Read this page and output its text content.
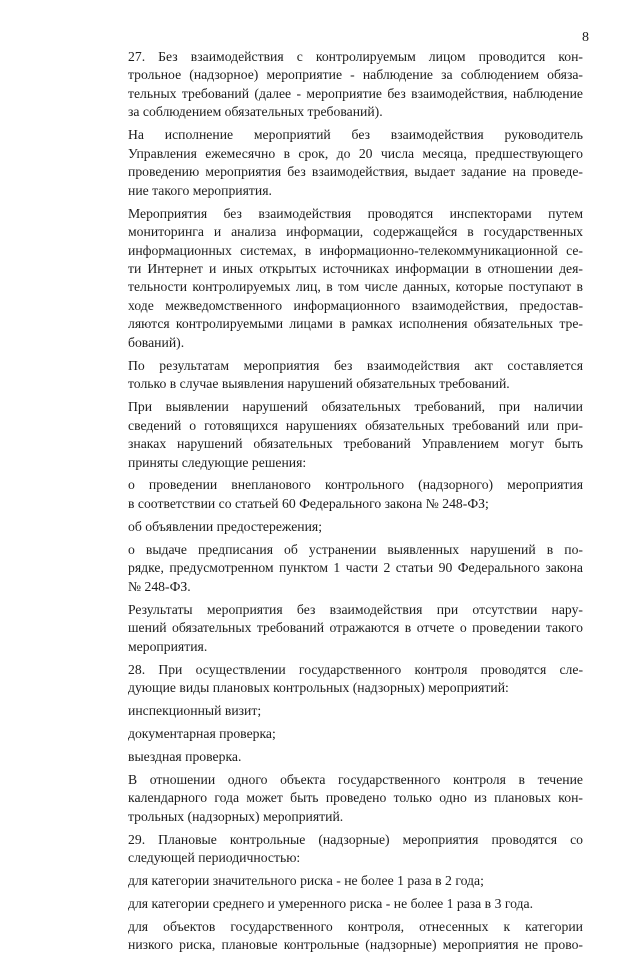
8
27. Без взаимодействия с контролируемым лицом проводится кон-
трольное (надзорное) мероприятие - наблюдение за соблюдением обяза-
тельных требований (далее - мероприятие без взаимодействия, наблюдение
за соблюдением обязательных требований).
На исполнение мероприятий без взаимодействия руководитель
Управления ежемесячно в срок, до 20 числа месяца, предшествующего
проведению мероприятия без взаимодействия, выдает задание на проведе-
ние такого мероприятия.
Мероприятия без взаимодействия проводятся инспекторами путем
мониторинга и анализа информации, содержащейся в государственных
информационных системах, в информационно-телекоммуникационной се-
ти Интернет и иных открытых источниках информации в отношении дея-
тельности контролируемых лиц, в том числе данных, которые поступают в
ходе межведомственного информационного взаимодействия, предостав-
ляются контролируемыми лицами в рамках исполнения обязательных тре-
бований).
По результатам мероприятия без взаимодействия акт составляется
только в случае выявления нарушений обязательных требований.
При выявлении нарушений обязательных требований, при наличии
сведений о готовящихся нарушениях обязательных требований или при-
знаках нарушений обязательных требований Управлением могут быть
приняты следующие решения:
о проведении внепланового контрольного (надзорного) мероприятия
в соответствии со статьей 60 Федерального закона № 248-ФЗ;
об объявлении предостережения;
о выдаче предписания об устранении выявленных нарушений в по-
рядке, предусмотренном пунктом 1 части 2 статьи 90 Федерального закона
№ 248-ФЗ.
Результаты мероприятия без взаимодействия при отсутствии нару-
шений обязательных требований отражаются в отчете о проведении такого
мероприятия.
28. При осуществлении государственного контроля проводятся сле-
дующие виды плановых контрольных (надзорных) мероприятий:
инспекционный визит;
документарная проверка;
выездная проверка.
В отношении одного объекта государственного контроля в течение
календарного года может быть проведено только одно из плановых кон-
трольных (надзорных) мероприятий.
29. Плановые контрольные (надзорные) мероприятия проводятся со
следующей периодичностью:
для категории значительного риска - не более 1 раза в 2 года;
для категории среднего и умеренного риска - не более 1 раза в 3 года.
для объектов государственного контроля, отнесенных к категории
низкого риска, плановые контрольные (надзорные) мероприятия не прово-
